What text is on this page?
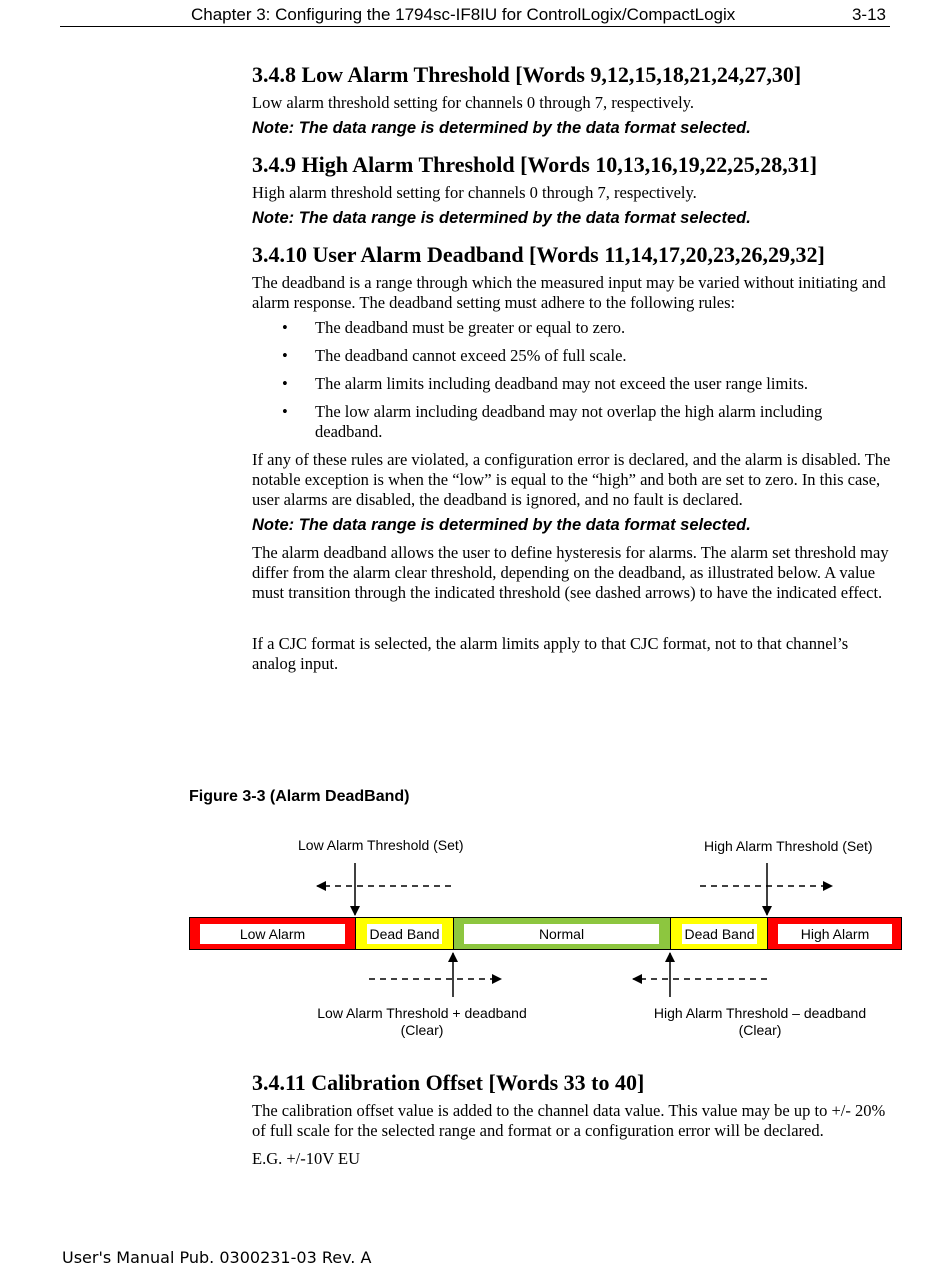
Chapter 3: Configuring the 1794sc-IF8IU for ControlLogix/CompactLogix	3-13
3.4.8 Low Alarm Threshold [Words 9,12,15,18,21,24,27,30]

Low alarm threshold setting for channels 0 through 7, respectively.

Note: The data range is determined by the data format selected.
3.4.9 High Alarm Threshold [Words 10,13,16,19,22,25,28,31]

High alarm threshold setting for channels 0 through 7, respectively.

Note: The data range is determined by the data format selected.
3.4.10 User Alarm Deadband [Words 11,14,17,20,23,26,29,32]

The deadband is a range through which the measured input may be varied without initiating and alarm response. The deadband setting must adhere to the following rules:

• The deadband must be greater or equal to zero.
• The deadband cannot exceed 25% of full scale.
• The alarm limits including deadband may not exceed the user range limits.
• The low alarm including deadband may not overlap the high alarm including deadband.

If any of these rules are violated, a configuration error is declared, and the alarm is disabled. The notable exception is when the “low” is equal to the “high” and both are set to zero. In this case, user alarms are disabled, the deadband is ignored, and no fault is declared.

Note: The data range is determined by the data format selected.

The alarm deadband allows the user to define hysteresis for alarms. The alarm set threshold may differ from the alarm clear threshold, depending on the deadband, as illustrated below. A value must transition through the indicated threshold (see dashed arrows) to have the indicated effect.

If a CJC format is selected, the alarm limits apply to that CJC format, not to that channel’s analog input.

Figure 3-3 (Alarm DeadBand)
Low Alarm	Dead Band	Normal	Dead Band	High Alarm
Low Alarm Threshold (Set)	High Alarm Threshold (Set)
Low Alarm Threshold + deadband
(Clear)
High Alarm Threshold – deadband
(Clear)
3.4.11 Calibration Offset [Words 33 to 40]

The calibration offset value is added to the channel data value. This value may be up to +/- 20% of full scale for the selected range and format or a configuration error will be declared.

E.G. +/-10V EU

User's Manual Pub. 0300231-03 Rev. A
